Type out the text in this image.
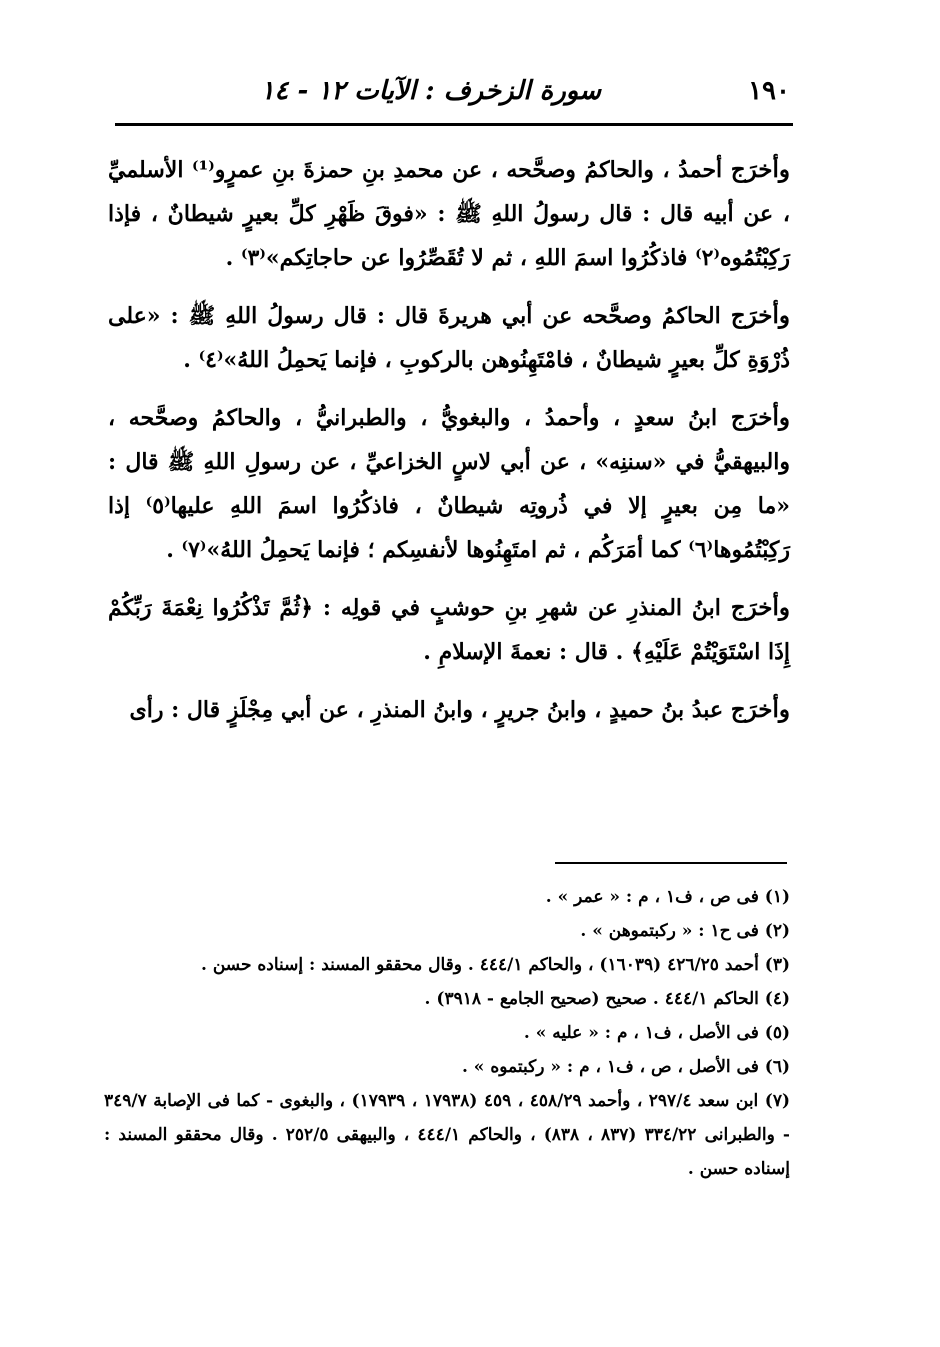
١٩٠
سورة الزخرف : الآيات ١٢ - ١٤

وأخرَج أحمدُ ، والحاكمُ وصحَّحه ، عن محمدِ بنِ حمزةَ بنِ عمرٍو⁽¹⁾ الأسلميِّ ، عن أبيه قال : قال رسولُ اللهِ ﷺ : «فوقَ ظَهْرِ كلِّ بعيرٍ شيطانٌ ، فإذا رَكِبْتُمُوه⁽٢⁾ فاذكُرُوا اسمَ اللهِ ، ثم لا تُقَصِّرُوا عن حاجاتِكم»⁽٣⁾ .

وأخرَج الحاكمُ وصحَّحه عن أبي هريرةَ قال : قال رسولُ اللهِ ﷺ : «على ذُرْوَةِ كلِّ بعيرٍ شيطانٌ ، فامْتَهِنُوهن بالركوبِ ، فإنما يَحمِلُ اللهُ»⁽٤⁾ .

وأخرَج ابنُ سعدٍ ، وأحمدُ ، والبغويُّ ، والطبرانيُّ ، والحاكمُ وصحَّحه ، والبيهقيُّ في «سننِه» ، عن أبي لاسٍ الخزاعيِّ ، عن رسولِ اللهِ ﷺ قال : «ما مِن بعيرٍ إلا في ذُروتِه شيطانٌ ، فاذكُرُوا اسمَ اللهِ عليها⁽٥⁾ إذا رَكِبْتُمُوها⁽٦⁾ كما أمَرَكُم ، ثم امتَهِنُوها لأنفسِكم ؛ فإنما يَحمِلُ اللهُ»⁽٧⁾ .

وأخرَج ابنُ المنذرِ عن شهرِ بنِ حوشبٍ في قولِه : ﴿ثُمَّ تَذْكُرُوا نِعْمَةَ رَبِّكُمْ إِذَا اسْتَوَيْتُمْ عَلَيْهِ﴾ . قال : نعمةَ الإسلامِ .

وأخرَج عبدُ بنُ حميدٍ ، وابنُ جريرٍ ، وابنُ المنذرِ ، عن أبي مِجْلَزٍ قال : رأى

(١) فى ص ، ف١ ، م : « عمر » .

(٢) فى ح١ : « ركبتموهن » .

(٣) أحمد ٤٢٦/٢٥ (١٦٠٣٩) ، والحاكم ٤٤٤/١ . وقال محققو المسند : إسناده حسن .

(٤) الحاكم ٤٤٤/١ . صحيح (صحيح الجامع - ٣٩١٨) .

(٥) فى الأصل ، ف١ ، م : « عليه » .

(٦) فى الأصل ، ص ، ف١ ، م : « ركبتموه » .

(٧) ابن سعد ٢٩٧/٤ ، وأحمد ٤٥٨/٢٩ ، ٤٥٩ (١٧٩٣٨ ، ١٧٩٣٩) ، والبغوى - كما فى الإصابة ٣٤٩/٧ - والطبرانى ٣٣٤/٢٢ (٨٣٧ ، ٨٣٨) ، والحاكم ٤٤٤/١ ، والبيهقى ٢٥٢/٥ . وقال محققو المسند : إسناده حسن .
